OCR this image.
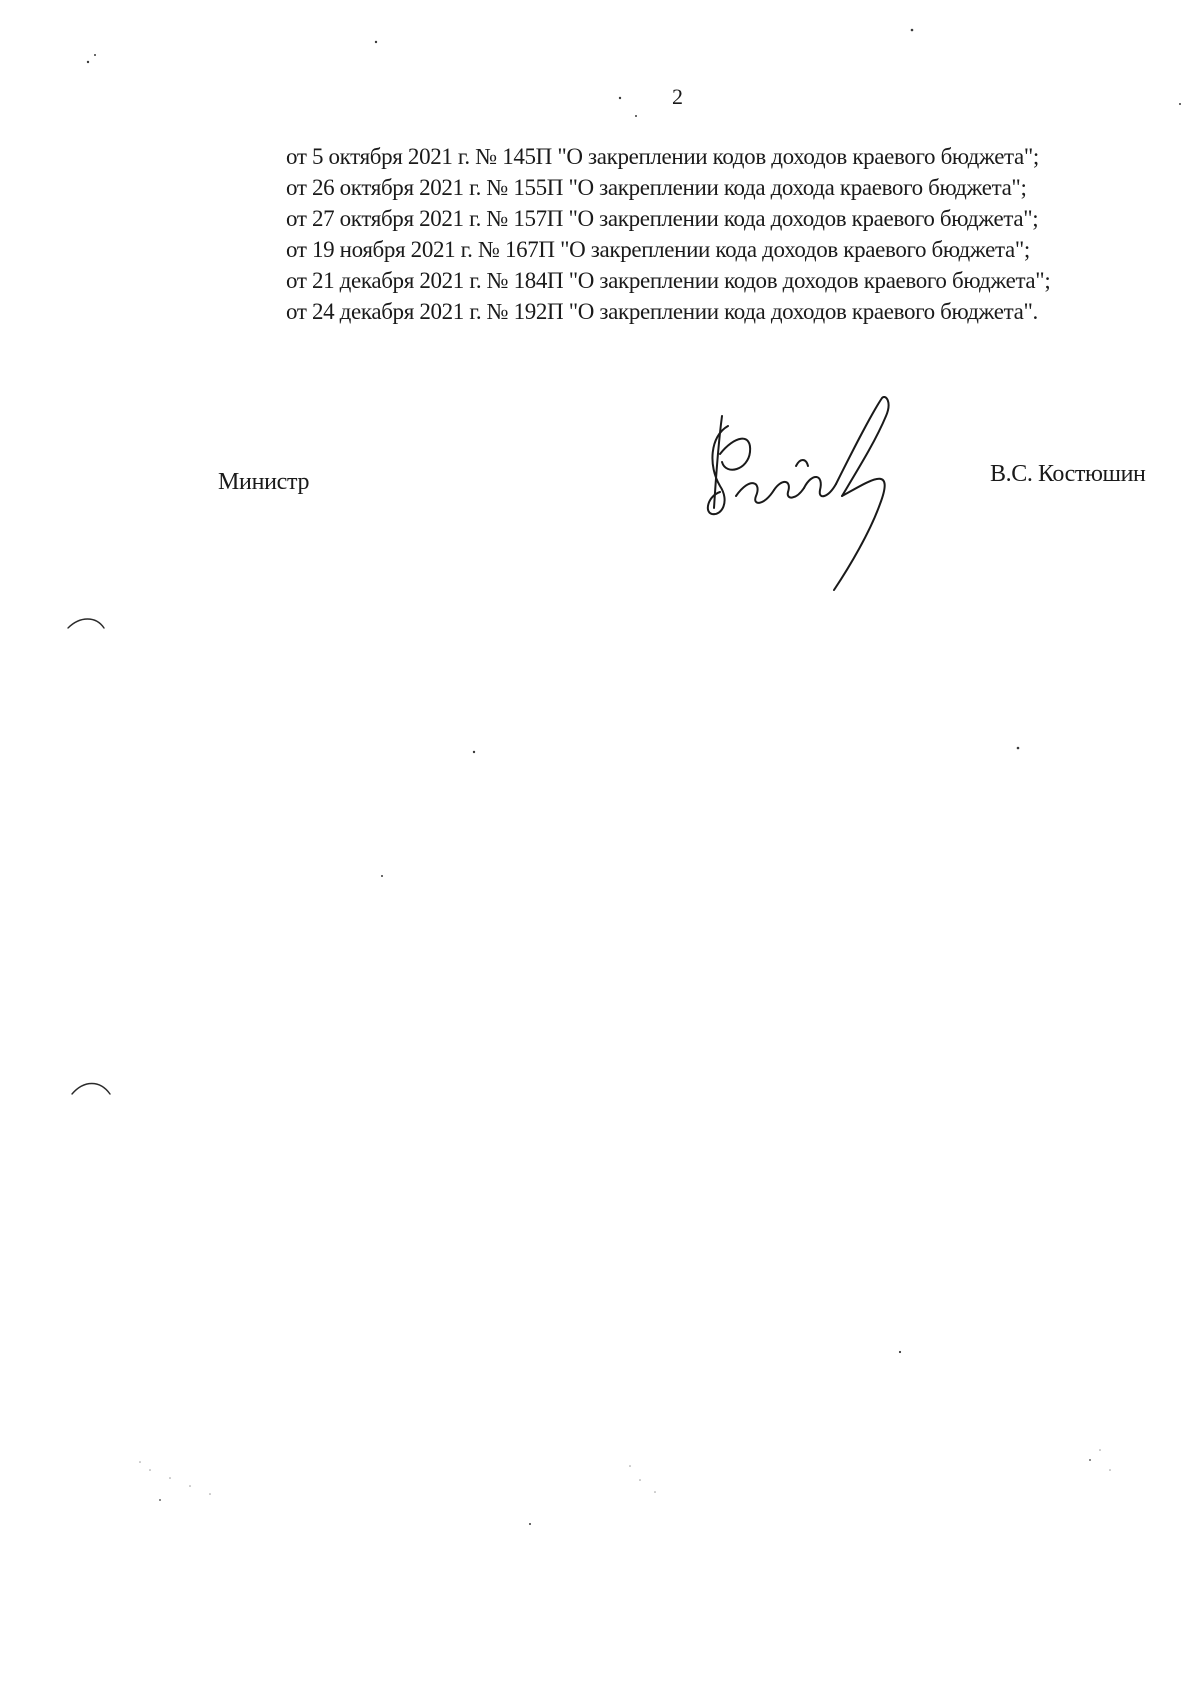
2
от 5 октября 2021 г. № 145П "О закреплении кодов доходов краевого бюджета";
от 26 октября 2021 г. № 155П "О закреплении кода дохода краевого бюджета";
от 27 октября 2021 г. № 157П "О закреплении кода доходов краевого бюджета";
от 19 ноября 2021 г. № 167П "О закреплении кода доходов краевого бюджета";
от 21 декабря 2021 г. № 184П "О закреплении кодов доходов краевого бюджета";
от 24 декабря 2021 г. № 192П "О закреплении кода доходов краевого бюджета".
Министр	В.С. Костюшин
